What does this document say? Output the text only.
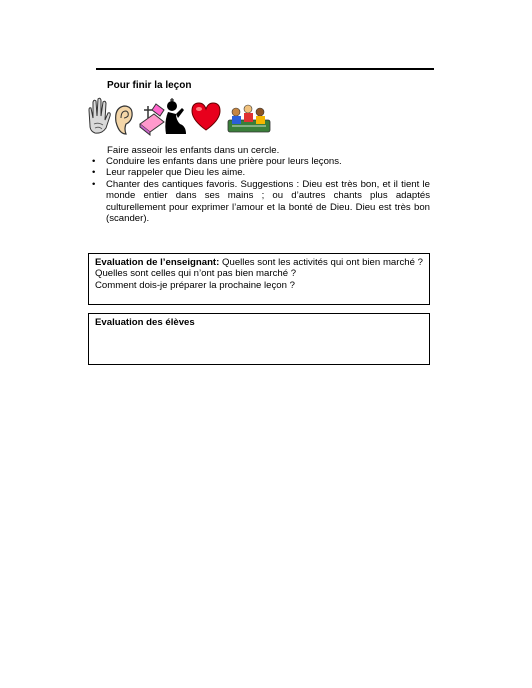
Pour finir la leçon
Faire asseoir les enfants dans un cercle.
• Conduire les enfants dans une prière pour leurs leçons.
• Leur rappeler que Dieu les aime.
• Chanter des cantiques favoris. Suggestions : Dieu est très bon, et il tient le monde entier dans ses mains ; ou d’autres chants plus adaptés culturellement pour exprimer l’amour et la bonté de Dieu. Dieu est très bon (scander).
Evaluation de l’enseignant: Quelles sont les activités qui ont bien marché ? Quelles sont celles qui n’ont pas bien marché ?
Comment dois-je préparer la prochaine leçon ?
Evaluation des élèves
